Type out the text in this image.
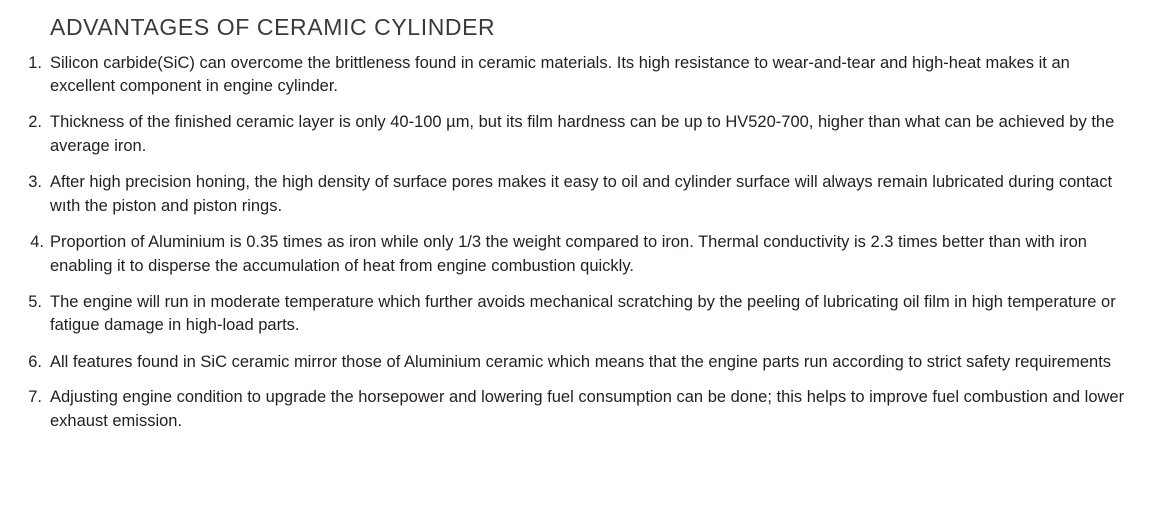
ADVANTAGES OF CERAMIC CYLINDER
1. Silicon carbide(SiC) can overcome the brittleness found in ceramic materials. Its high resistance to wear-and-tear and high-heat makes it an excellent component in engine cylinder.
2. Thickness of the finished ceramic layer is only 40-100 µm, but its film hardness can be up to HV520-700, higher than what can be achieved by the average iron.
3. After high precision honing, the high density of surface pores makes it easy to oil and cylinder surface will always remain lubricated during contact wıth the piston and piston rings.
4. Proportion of Aluminium is 0.35 times as iron while only 1/3 the weight compared to iron. Thermal conductivity is 2.3 times better than with iron enabling it to disperse the accumulation of heat from engine combustion quickly.
5. The engine will run in moderate temperature which further avoids mechanical scratching by the peeling of lubricating oil film in high temperature or fatigue damage in high-load parts.
6. All features found in SiC ceramic mirror those of Aluminium ceramic which means that the engine parts run according to strict safety requirements
7. Adjusting engine condition to upgrade the horsepower and lowering fuel consumption can be done; this helps to improve fuel combustion and lower exhaust emission.
